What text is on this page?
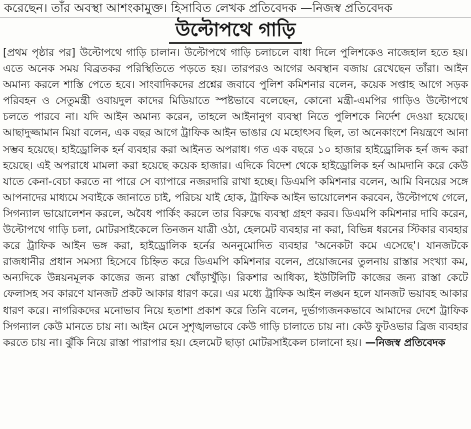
করেছেন। তাঁর অবস্থা আশংকামুক্ত। হিসাবিত লেখক প্রতিবেদক —নিজস্ব প্রতিবেদক
উল্টোপথে গাড়ি
[প্রথম পৃষ্ঠার পর] উল্টোপথে গাড়ি চালান। উল্টোপথে গাড়ি চলাচলে বাধা দিলে পুলিশকেও নাজেহাল হতে হয়। এতে অনেক সময় বিব্রতকর পরিস্থিতিতে পড়তে হয়। তারপরও আগের অবস্থান বজায় রেখেছেন তাঁরা। আইন অমান্য করলে শাস্তি পেতে হবে। সাংবাদিকদের প্রশ্নের জবাবে পুলিশ কমিশনার বলেন, কয়েক সপ্তাহ আগে সড়ক পরিবহন ও সেতুমন্ত্রী ওবায়দুল কাদের মিডিয়াতে স্পষ্টভাবে বলেছেন, কোনো মন্ত্রী-এমপির গাড়িও উল্টোপথে চলতে পারবে না। যদি আইন অমান্য করেন, তাহলে আইনানুগ ব্যবস্থা নিতে পুলিশকে নির্দেশ দেওয়া হয়েছে। আছাদুজ্জামান মিয়া বলেন, এক বছর আগে ট্রাফিক আইন ভাঙার যে মহোৎসব ছিল, তা অনেকাংশে নিয়ন্ত্রণে আনা সম্ভব হয়েছে। হাইড্রোলিক হর্ন ব্যবহার করা আইনত অপরাধ। গত এক বছরে ১০ হাজার হাইড্রোলিক হর্ন জব্দ করা হয়েছে। এই অপরাধে মামলা করা হয়েছে কয়েক হাজার। এদিকে বিদেশ থেকে হাইড্রোলিক হর্ন আমদানি করে কেউ যাতে কেনা-বেচা করতে না পারে সে ব্যাপারে নজরদারি রাখা হচ্ছে। ডিএমপি কমিশনার বলেন, আমি বিনয়ের সঙ্গে আপনাদের মাধ্যমে সবাইকে জানাতে চাই, পরিচয় যাই হোক, ট্রাফিক আইন ভায়োলেশন করবেন, উল্টোপথে গেলে, সিগন্যাল ভায়োলেশন করলে, অবৈধ পার্কিং করলে তার বিরুদ্ধে ব্যবস্থা গ্রহণ করব। ডিএমপি কমিশনার দাবি করেন, উল্টোপথে গাড়ি চলা, মোটরসাইকেলে তিনজন যাত্রী ওঠা, হেলমেট ব্যবহার না করা, বিভিন্ন ধরনের স্টিকার ব্যবহার করে ট্রাফিক আইন ভঙ্গ করা, হাইড্রোলিক হর্নের অননুমোদিত ব্যবহার 'অনেকটা কমে এসেছে'। যানজটকে রাজধানীর প্রধান সমস্যা হিসেবে চিহ্নিত করে ডিএমপি কমিশনার বলেন, প্রয়োজনের তুলনায় রাস্তার সংখ্যা কম, অন্যদিকে উন্নয়নমূলক কাজের জন্য রাস্তা খোঁড়াখুঁড়ি। রিকশার আধিক্য, ইউটিলিটি কাজের জন্য রাস্তা কেটে ফেলাসহ সব কারণে যানজট প্রকট আকার ধারণ করে। এর মধ্যে ট্রাফিক আইন লঙ্ঘন হলে যানজট ভয়াবহ আকার ধারণ করে। নাগরিকদের মনোভাব নিয়ে হতাশা প্রকাশ করে তিনি বলেন, দুর্ভাগ্যজনকভাবে আমাদের দেশে ট্রাফিক সিগন্যাল কেউ মানতে চায় না। আইন মেনে সুশৃঙ্খলভাবে কেউ গাড়ি চালাতে চায় না। কেউ ফুটওভার ব্রিজ ব্যবহার করতে চায় না। ঝুঁকি নিয়ে রাস্তা পারাপার হয়। হেলমেট ছাড়া মোটরসাইকেল চালানো হয়। —নিজস্ব প্রতিবেদক
